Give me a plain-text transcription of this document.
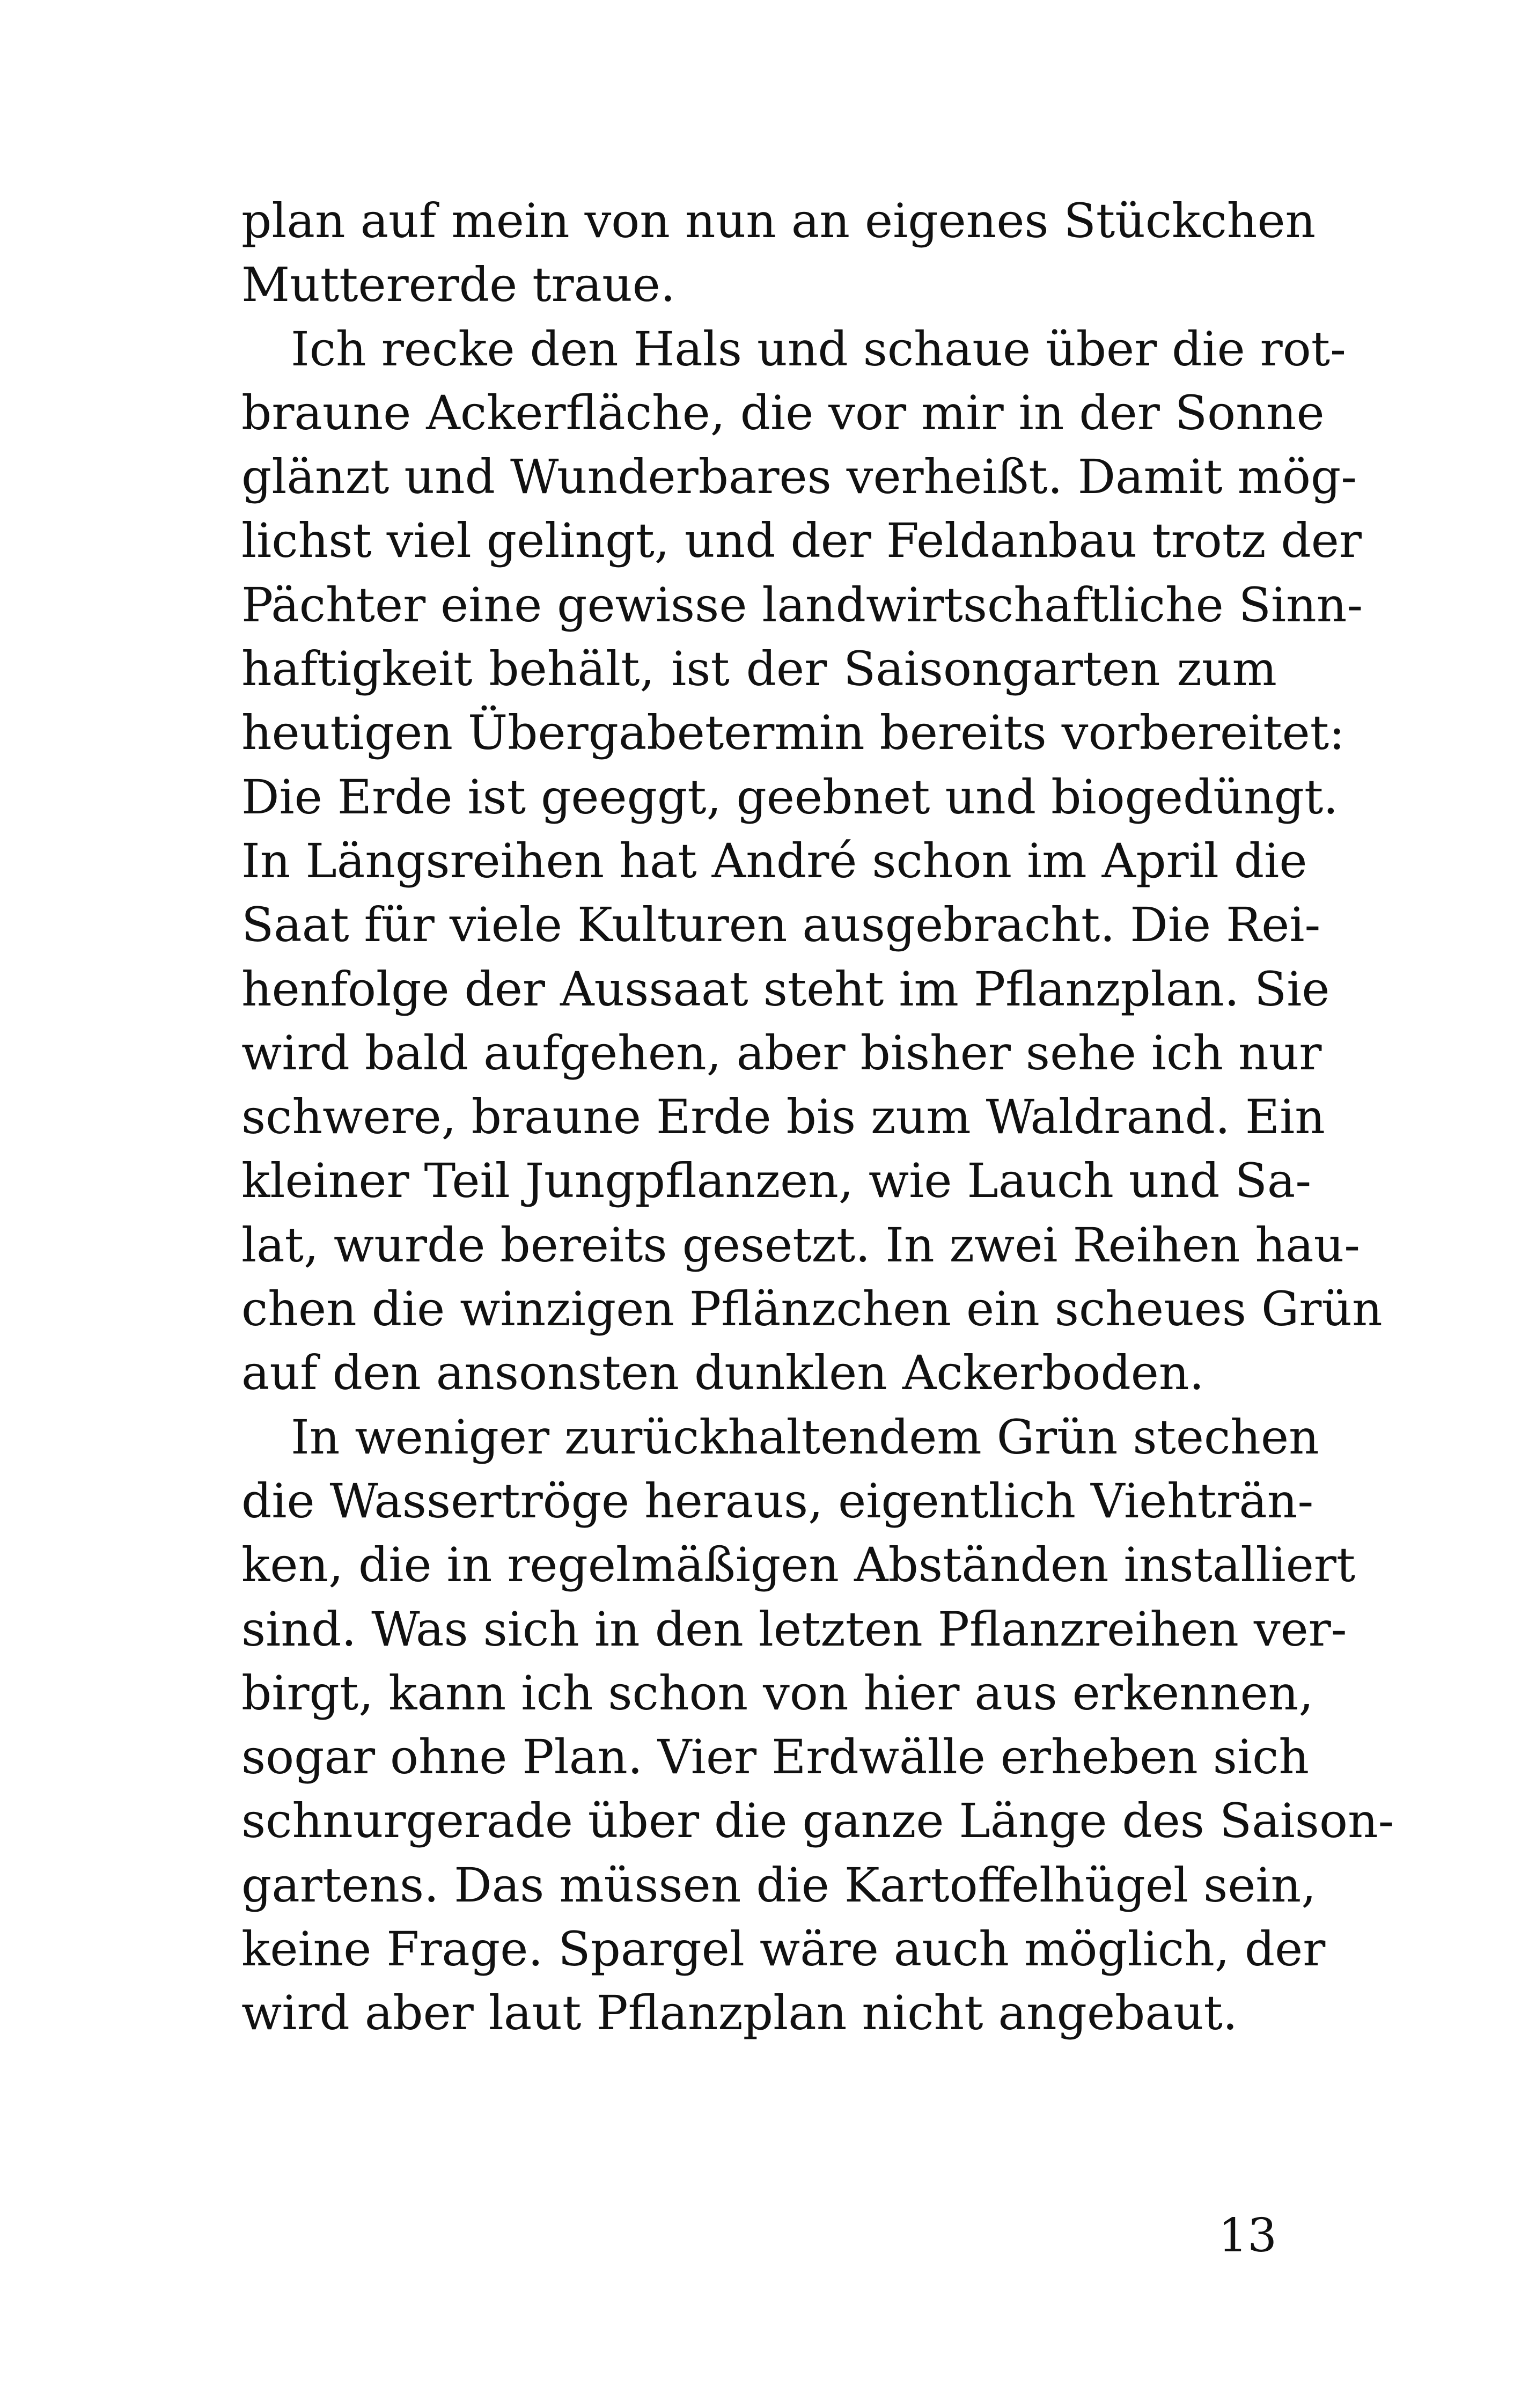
plan auf mein von nun an eigenes Stückchen
Muttererde traue.
Ich recke den Hals und schaue über die rot-
braune Ackerfläche, die vor mir in der Sonne
glänzt und Wunderbares verheißt. Damit mög-
lichst viel gelingt, und der Feldanbau trotz der
Pächter eine gewisse landwirtschaftliche Sinn-
haftigkeit behält, ist der Saisongarten zum
heutigen Übergabetermin bereits vorbereitet:
Die Erde ist geeggt, geebnet und biogedüngt.
In Längsreihen hat André schon im April die
Saat für viele Kulturen ausgebracht. Die Rei-
henfolge der Aussaat steht im Pflanzplan. Sie
wird bald aufgehen, aber bisher sehe ich nur
schwere, braune Erde bis zum Waldrand. Ein
kleiner Teil Jungpflanzen, wie Lauch und Sa-
lat, wurde bereits gesetzt. In zwei Reihen hau-
chen die winzigen Pflänzchen ein scheues Grün
auf den ansonsten dunklen Ackerboden.
In weniger zurückhaltendem Grün stechen
die Wassertröge heraus, eigentlich Viehträn-
ken, die in regelmäßigen Abständen installiert
sind. Was sich in den letzten Pflanzreihen ver-
birgt, kann ich schon von hier aus erkennen,
sogar ohne Plan. Vier Erdwälle erheben sich
schnurgerade über die ganze Länge des Saison-
gartens. Das müssen die Kartoffelhügel sein,
keine Frage. Spargel wäre auch möglich, der
wird aber laut Pflanzplan nicht angebaut.
13
